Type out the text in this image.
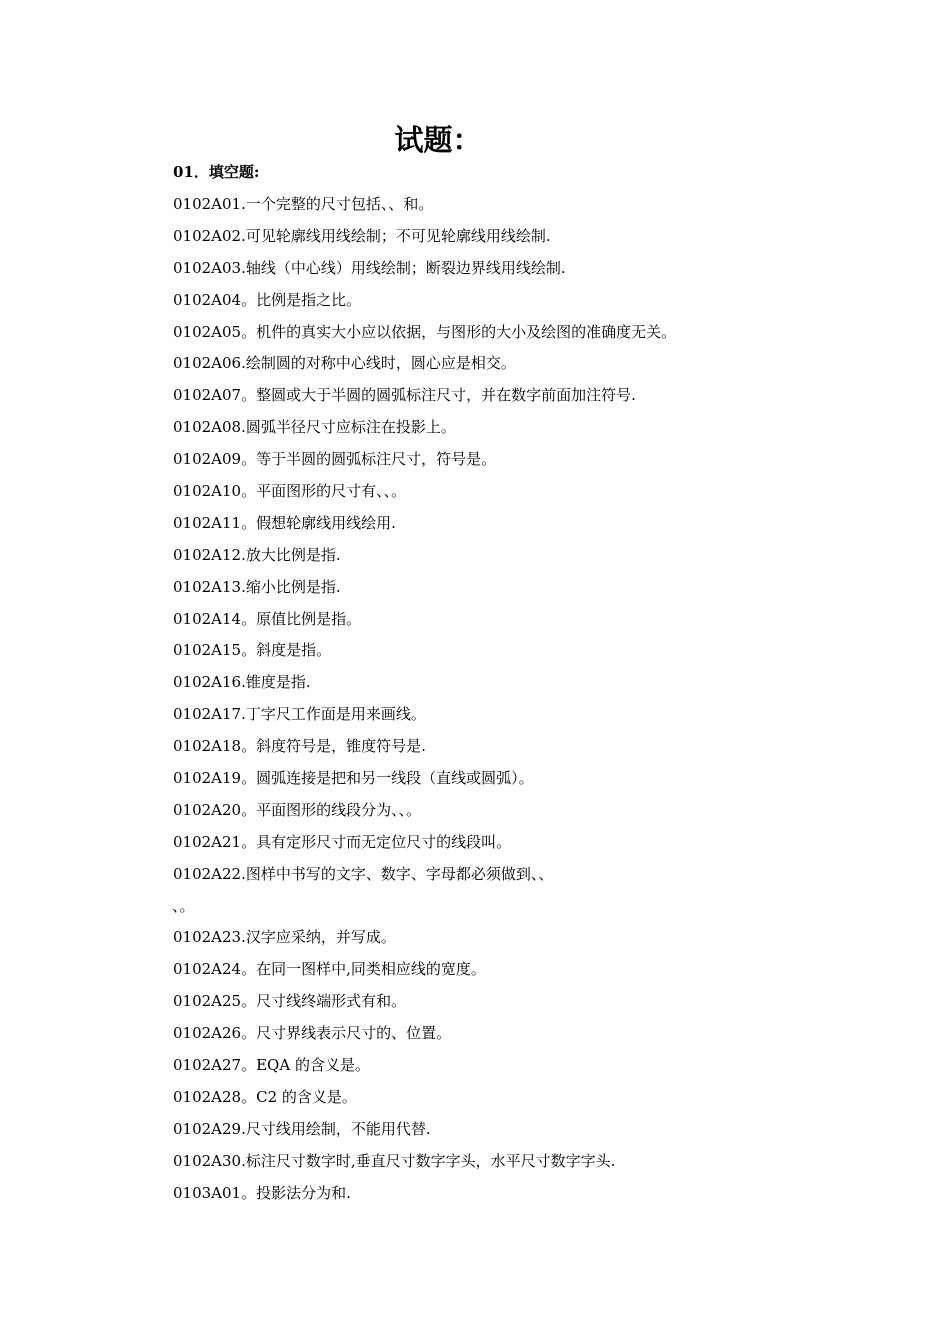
试题：
01．填空题:
0102A01.一个完整的尺寸包括、、和。
0102A02.可见轮廓线用线绘制；不可见轮廓线用线绘制.
0102A03.轴线（中心线）用线绘制；断裂边界线用线绘制.
0102A04。比例是指之比。
0102A05。机件的真实大小应以依据，与图形的大小及绘图的准确度无关。
0102A06.绘制圆的对称中心线时，圆心应是相交。
0102A07。整圆或大于半圆的圆弧标注尺寸，并在数字前面加注符号.
0102A08.圆弧半径尺寸应标注在投影上。
0102A09。等于半圆的圆弧标注尺寸，符号是。
0102A10。平面图形的尺寸有、、。
0102A11。假想轮廓线用线绘用.
0102A12.放大比例是指.
0102A13.缩小比例是指.
0102A14。原值比例是指。
0102A15。斜度是指。
0102A16.锥度是指.
0102A17.丁字尺工作面是用来画线。
0102A18。斜度符号是，锥度符号是.
0102A19。圆弧连接是把和另一线段（直线或圆弧）。
0102A20。平面图形的线段分为、、。
0102A21。具有定形尺寸而无定位尺寸的线段叫。
0102A22.图样中书写的文字、数字、字母都必须做到、、
、。
0102A23.汉字应采纳，并写成。
0102A24。在同一图样中,同类相应线的宽度。
0102A25。尺寸线终端形式有和。
0102A26。尺寸界线表示尺寸的、位置。
0102A27。EQA 的含义是。
0102A28。C2 的含义是。
0102A29.尺寸线用绘制，不能用代替.
0102A30.标注尺寸数字时,垂直尺寸数字字头，水平尺寸数字字头.
0103A01。投影法分为和.
